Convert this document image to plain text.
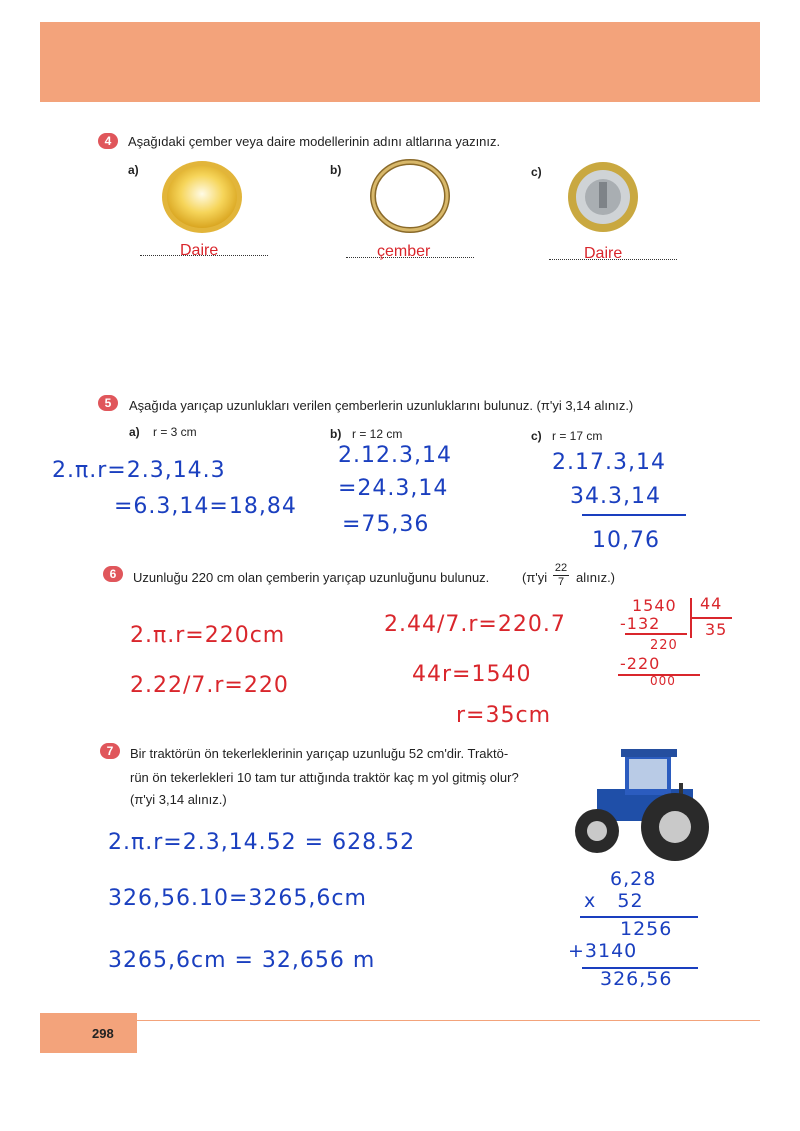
4	Aşağıdaki çember veya daire modellerinin adını altlarına yazınız.
a)
Daire
b)
çember
c)
Daire
5	Aşağıda yarıçap uzunlukları verilen çemberlerin uzunluklarını bulunuz. (π'yi 3,14 alınız.)
a) r = 3 cm	b) r = 12 cm	c) r = 17 cm
2.π.r=2.3,14.3
=6.3,14=18,84
2.12.3,14
=24.3,14
=75,36
2.17.3,14
34.3,14
10,76
6	Uzunluğu 220 cm olan çemberin yarıçap uzunluğunu bulunuz.	(π'yi
22
7 alınız.)
2.π.r=220cm
2.22/7.r=220
2.44/7.r=220.7
44r=1540
r=35cm
1540 44
-132	35
220
-220
000
7	Bir traktörün ön tekerleklerinin yarıçap uzunluğu 52 cm'dir. Traktö-
rün ön tekerlekleri 10 tam tur attığında traktör kaç m yol gitmiş olur?
(π'yi 3,14 alınız.)
2.π.r=2.3,14.52 = 628.52
326,56.10=3265,6cm
3265,6cm = 32,656 m
6,28
x   52
1256
+3140
326,56
298
